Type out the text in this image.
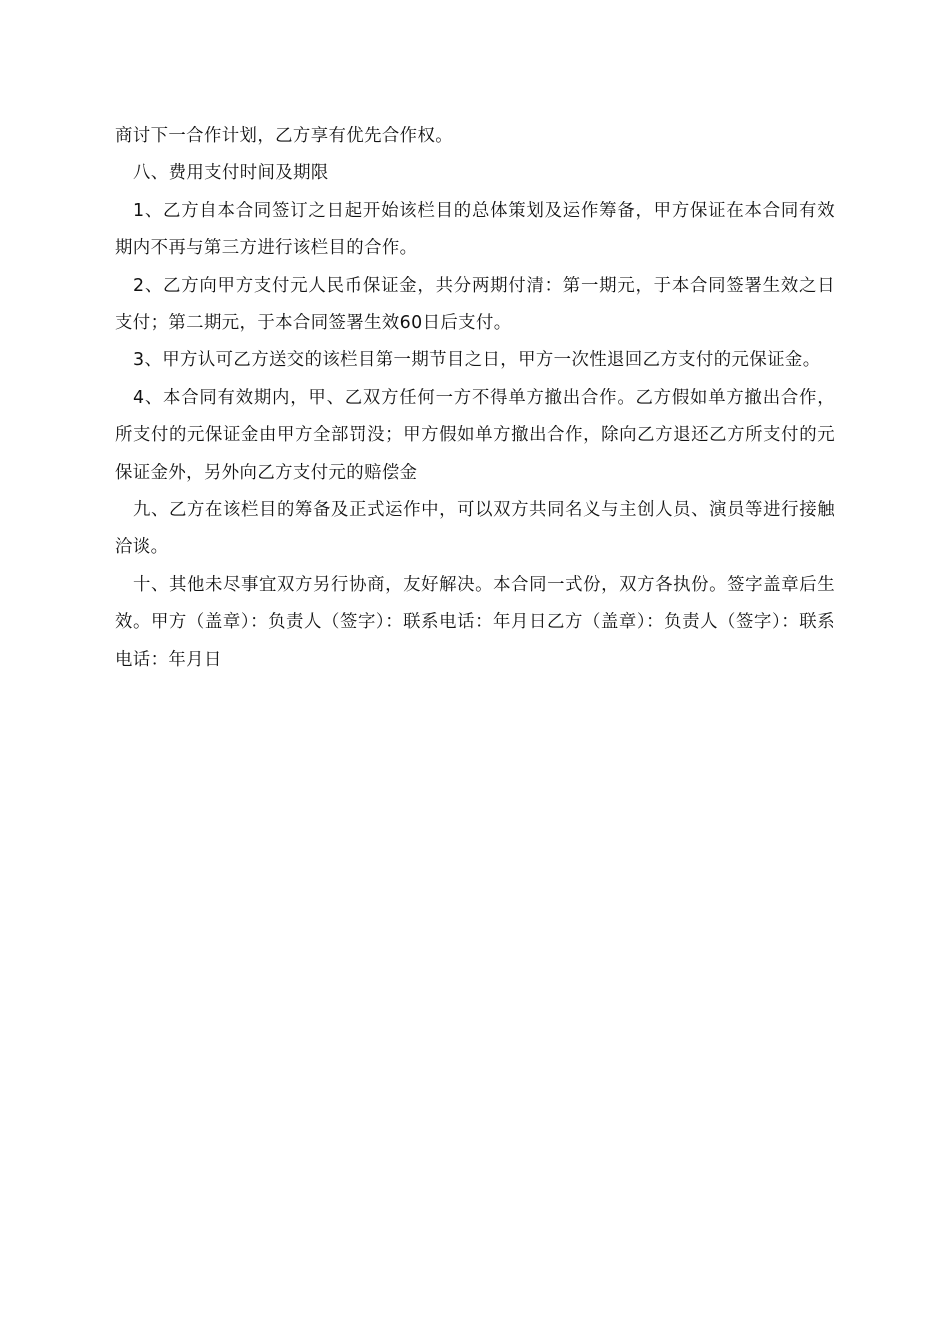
商讨下一合作计划，乙方享有优先合作权。

八、费用支付时间及期限

1、乙方自本合同签订之日起开始该栏目的总体策划及运作筹备，甲方保证在本合同有效期内不再与第三方进行该栏目的合作。

2、乙方向甲方支付元人民币保证金，共分两期付清：第一期元，于本合同签署生效之日支付；第二期元，于本合同签署生效60日后支付。

3、甲方认可乙方送交的该栏目第一期节目之日，甲方一次性退回乙方支付的元保证金。

4、本合同有效期内，甲、乙双方任何一方不得单方撤出合作。乙方假如单方撤出合作，所支付的元保证金由甲方全部罚没；甲方假如单方撤出合作，除向乙方退还乙方所支付的元保证金外，另外向乙方支付元的赔偿金

九、乙方在该栏目的筹备及正式运作中，可以双方共同名义与主创人员、演员等进行接触洽谈。

十、其他未尽事宜双方另行协商，友好解决。本合同一式份，双方各执份。签字盖章后生效。甲方（盖章）：负责人（签字）：联系电话：年月日乙方（盖章）：负责人（签字）：联系电话：年月日
